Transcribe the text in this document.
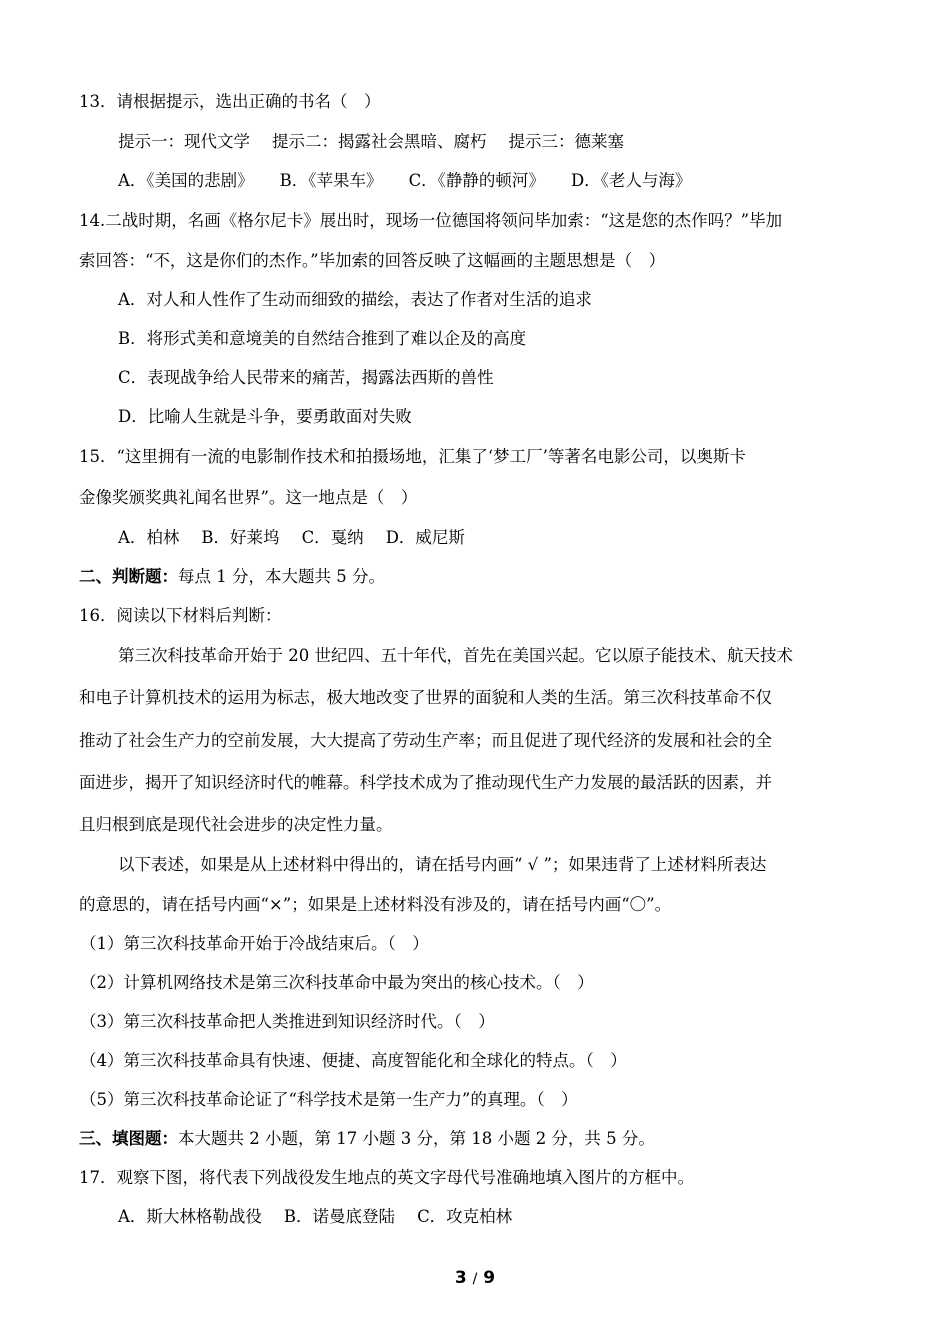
13．请根据提示，选出正确的书名（　）
提示一：现代文学 提示二：揭露社会黑暗、腐朽 提示三：德莱塞
A．《美国的悲剧》 B．《苹果车》 C．《静静的顿河》 D．《老人与海》
14.二战时期，名画《格尔尼卡》展出时，现场一位德国将领问毕加索：“这是您的杰作吗？”毕加
索回答：“不，这是你们的杰作。”毕加索的回答反映了这幅画的主题思想是（　）
A．对人和人性作了生动而细致的描绘，表达了作者对生活的追求
B．将形式美和意境美的自然结合推到了难以企及的高度
C．表现战争给人民带来的痛苦，揭露法西斯的兽性
D．比喻人生就是斗争，要勇敢面对失败
15．“这里拥有一流的电影制作技术和拍摄场地，汇集了‘梦工厂’等著名电影公司，以奥斯卡
金像奖颁奖典礼闻名世界”。这一地点是（　）
A．柏林 B．好莱坞 C．戛纳 D．威尼斯
二、判断题：每点 1 分，本大题共 5 分。
16．阅读以下材料后判断：
第三次科技革命开始于 20 世纪四、五十年代，首先在美国兴起。它以原子能技术、航天技术
和电子计算机技术的运用为标志，极大地改变了世界的面貌和人类的生活。第三次科技革命不仅
推动了社会生产力的空前发展，大大提高了劳动生产率；而且促进了现代经济的发展和社会的全
面进步，揭开了知识经济时代的帷幕。科学技术成为了推动现代生产力发展的最活跃的因素，并
且归根到底是现代社会进步的决定性力量。
以下表述，如果是从上述材料中得出的，请在括号内画“ √ ”；如果违背了上述材料所表达
的意思的，请在括号内画“×”；如果是上述材料没有涉及的，请在括号内画“〇”。
（1）第三次科技革命开始于冷战结束后。（　）
（2）计算机网络技术是第三次科技革命中最为突出的核心技术。（　）
（3）第三次科技革命把人类推进到知识经济时代。（　）
（4）第三次科技革命具有快速、便捷、高度智能化和全球化的特点。（　）
（5）第三次科技革命论证了“科学技术是第一生产力”的真理。（　）
三、填图题：本大题共 2 小题，第 17 小题 3 分，第 18 小题 2 分，共 5 分。
17．观察下图，将代表下列战役发生地点的英文字母代号准确地填入图片的方框中。
A．斯大林格勒战役 B．诺曼底登陆 C．攻克柏林
3 / 9
